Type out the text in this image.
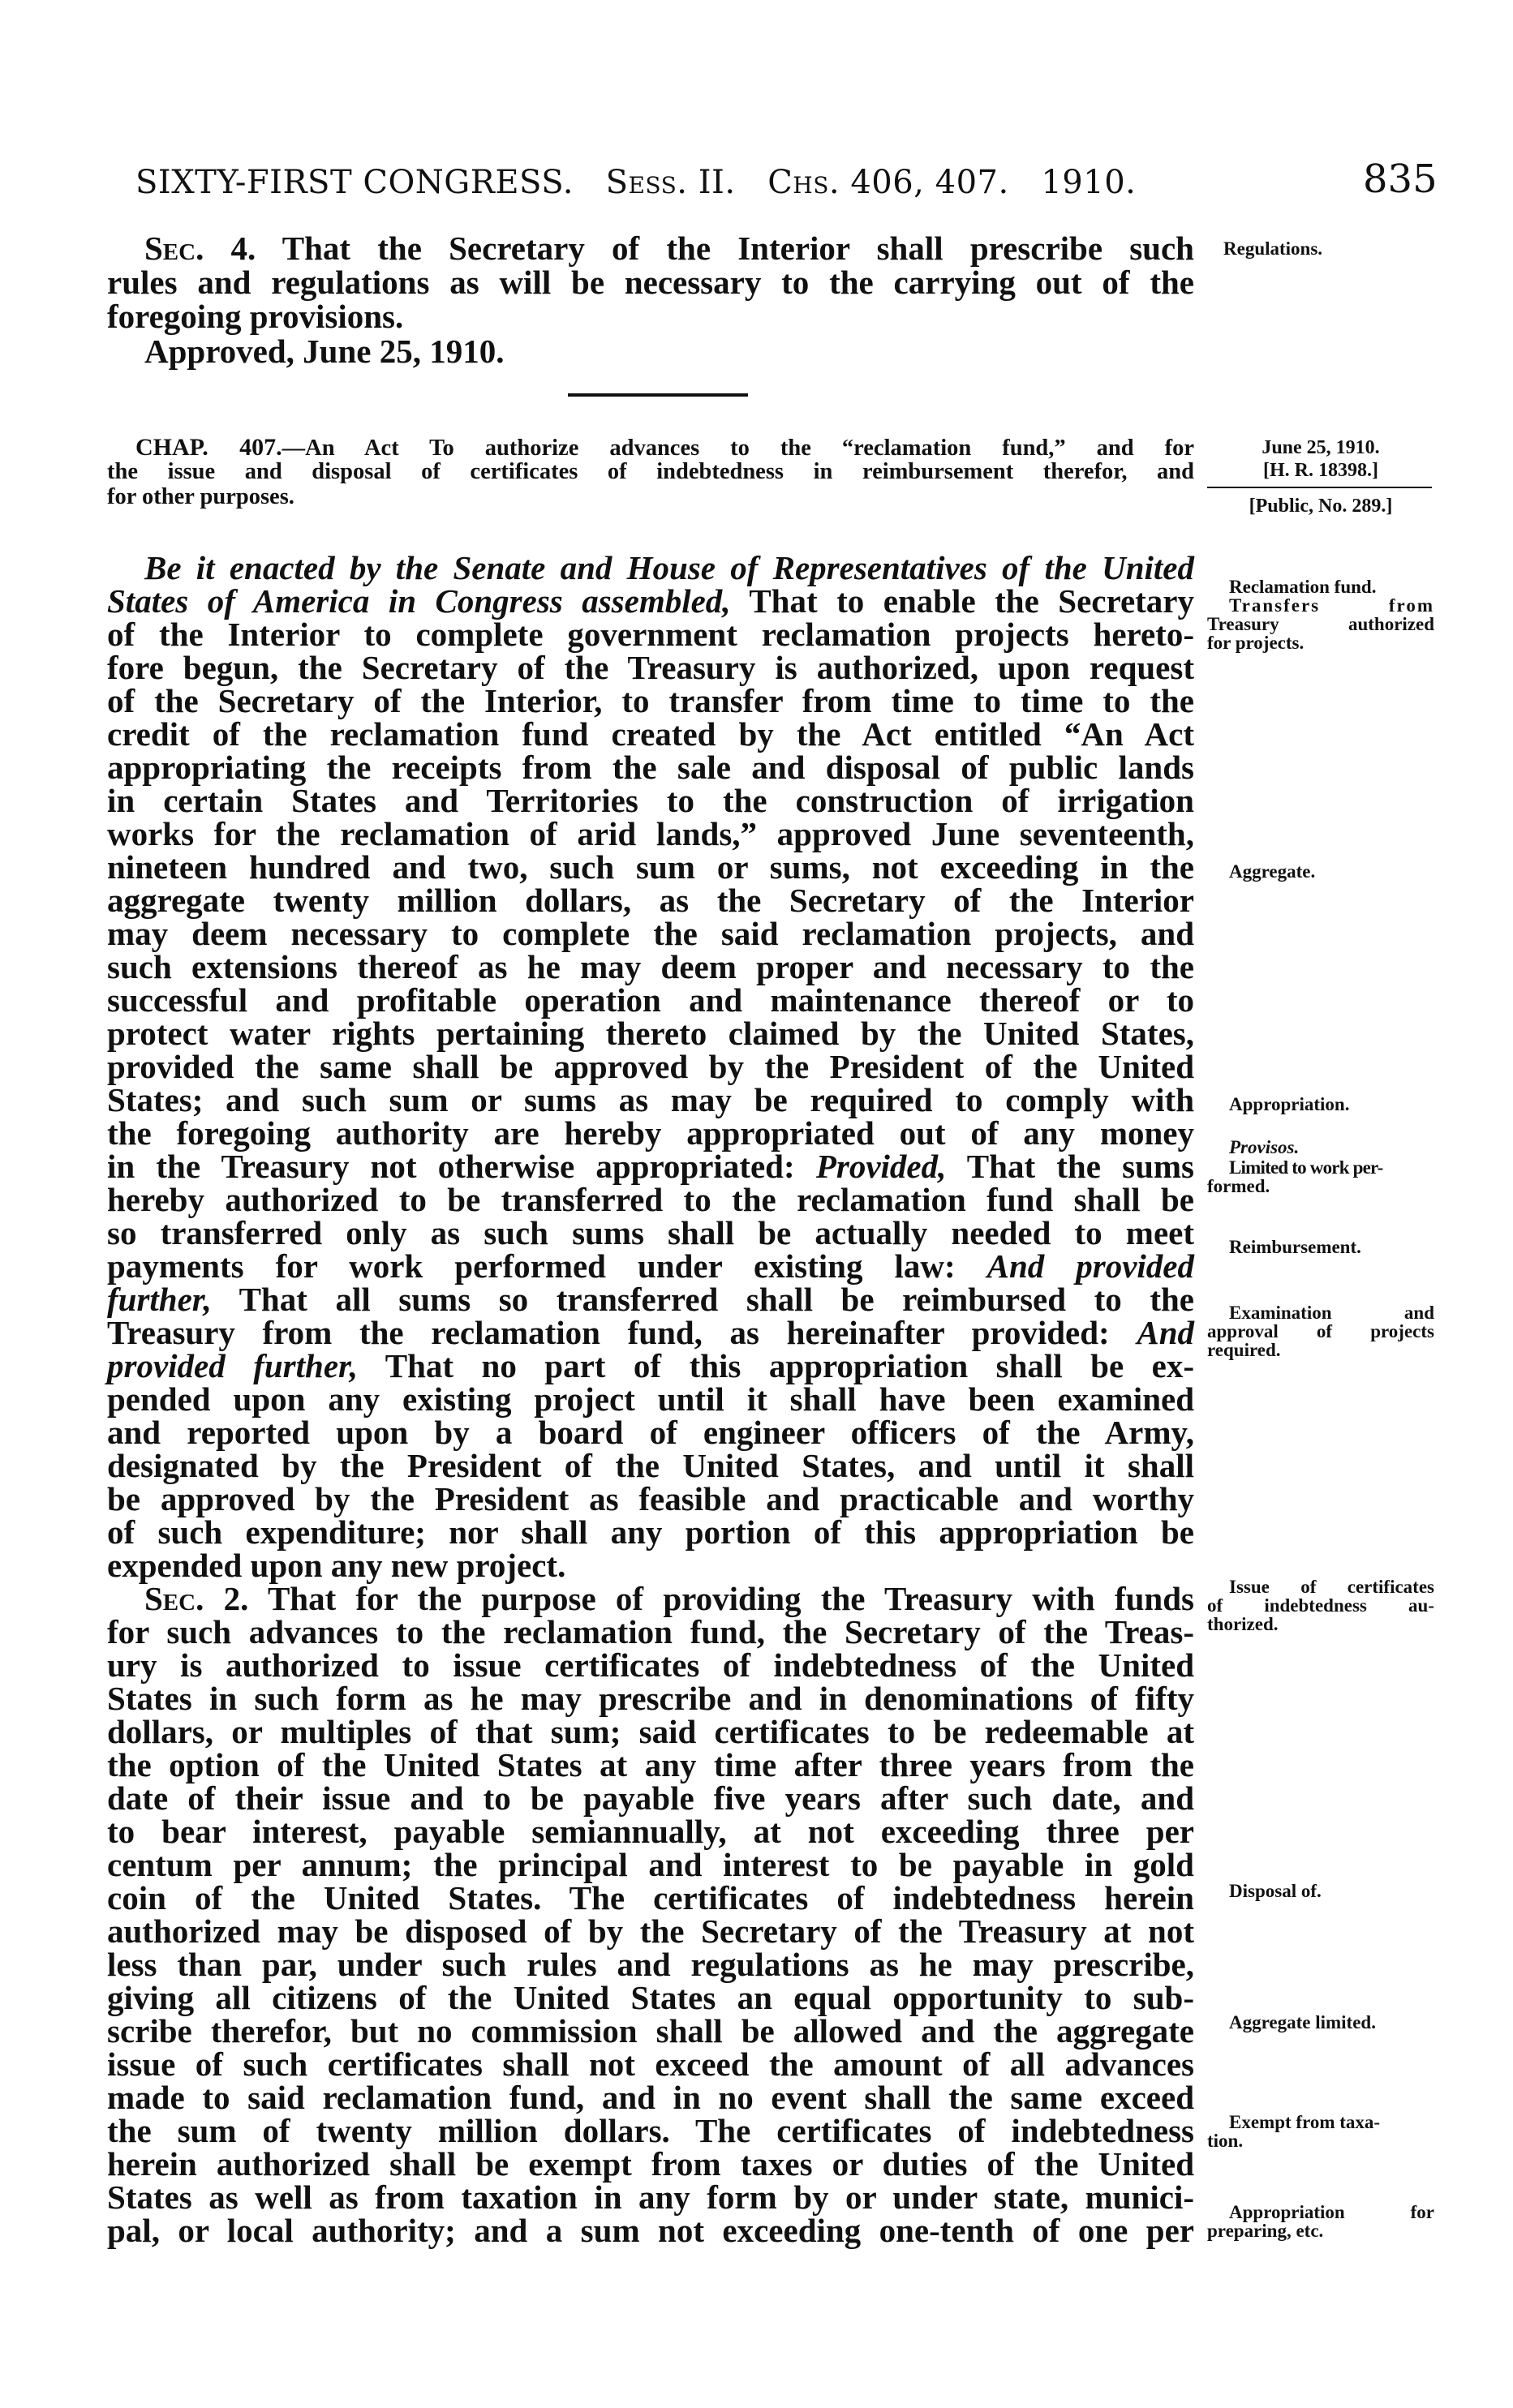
SIXTY-FIRST CONGRESS. Sess. II. Chs. 406, 407. 1910.	835
Sec. 4. That the Secretary of the Interior shall prescribe such
rules and regulations as will be necessary to the carrying out of the
foregoing provisions.
Approved, June 25, 1910.
Regulations.
CHAP. 407.—An Act To authorize advances to the “reclamation fund,” and for
the issue and disposal of certificates of indebtedness in reimbursement therefor, and
for other purposes.
June 25, 1910.
[H. R. 18398.]
[Public, No. 289.]
Be it enacted by the Senate and House of Representatives of the United
States of America in Congress assembled, That to enable the Secretary
of the Interior to complete government reclamation projects hereto-
fore begun, the Secretary of the Treasury is authorized, upon request
of the Secretary of the Interior, to transfer from time to time to the
credit of the reclamation fund created by the Act entitled “An Act
appropriating the receipts from the sale and disposal of public lands
in certain States and Territories to the construction of irrigation
works for the reclamation of arid lands,” approved June seventeenth,
nineteen hundred and two, such sum or sums, not exceeding in the
aggregate twenty million dollars, as the Secretary of the Interior
may deem necessary to complete the said reclamation projects, and
such extensions thereof as he may deem proper and necessary to the
successful and profitable operation and maintenance thereof or to
protect water rights pertaining thereto claimed by the United States,
provided the same shall be approved by the President of the United
States; and such sum or sums as may be required to comply with
the foregoing authority are hereby appropriated out of any money
in the Treasury not otherwise appropriated: Provided, That the sums
hereby authorized to be transferred to the reclamation fund shall be
so transferred only as such sums shall be actually needed to meet
payments for work performed under existing law: And provided
further, That all sums so transferred shall be reimbursed to the
Treasury from the reclamation fund, as hereinafter provided: And
provided further, That no part of this appropriation shall be ex-
pended upon any existing project until it shall have been examined
and reported upon by a board of engineer officers of the Army,
designated by the President of the United States, and until it shall
be approved by the President as feasible and practicable and worthy
of such expenditure; nor shall any portion of this appropriation be
expended upon any new project.
Sec. 2. That for the purpose of providing the Treasury with funds
for such advances to the reclamation fund, the Secretary of the Treas-
ury is authorized to issue certificates of indebtedness of the United
States in such form as he may prescribe and in denominations of fifty
dollars, or multiples of that sum; said certificates to be redeemable at
the option of the United States at any time after three years from the
date of their issue and to be payable five years after such date, and
to bear interest, payable semiannually, at not exceeding three per
centum per annum; the principal and interest to be payable in gold
coin of the United States. The certificates of indebtedness herein
authorized may be disposed of by the Secretary of the Treasury at not
less than par, under such rules and regulations as he may prescribe,
giving all citizens of the United States an equal opportunity to sub-
scribe therefor, but no commission shall be allowed and the aggregate
issue of such certificates shall not exceed the amount of all advances
made to said reclamation fund, and in no event shall the same exceed
the sum of twenty million dollars. The certificates of indebtedness
herein authorized shall be exempt from taxes or duties of the United
States as well as from taxation in any form by or under state, munici-
pal, or local authority; and a sum not exceeding one-tenth of one per
Reclamation fund.
Transfers from
Treasury authorized
for projects.
Aggregate.
Appropriation.
Provisos.
Limited to work per-
formed.
Reimbursement.
Examination and
approval of projects
required.
Issue of certificates
of indebtedness au-
thorized.
Disposal of.
Aggregate limited.
Exempt from taxa-
tion.
Appropriation for
preparing, etc.
